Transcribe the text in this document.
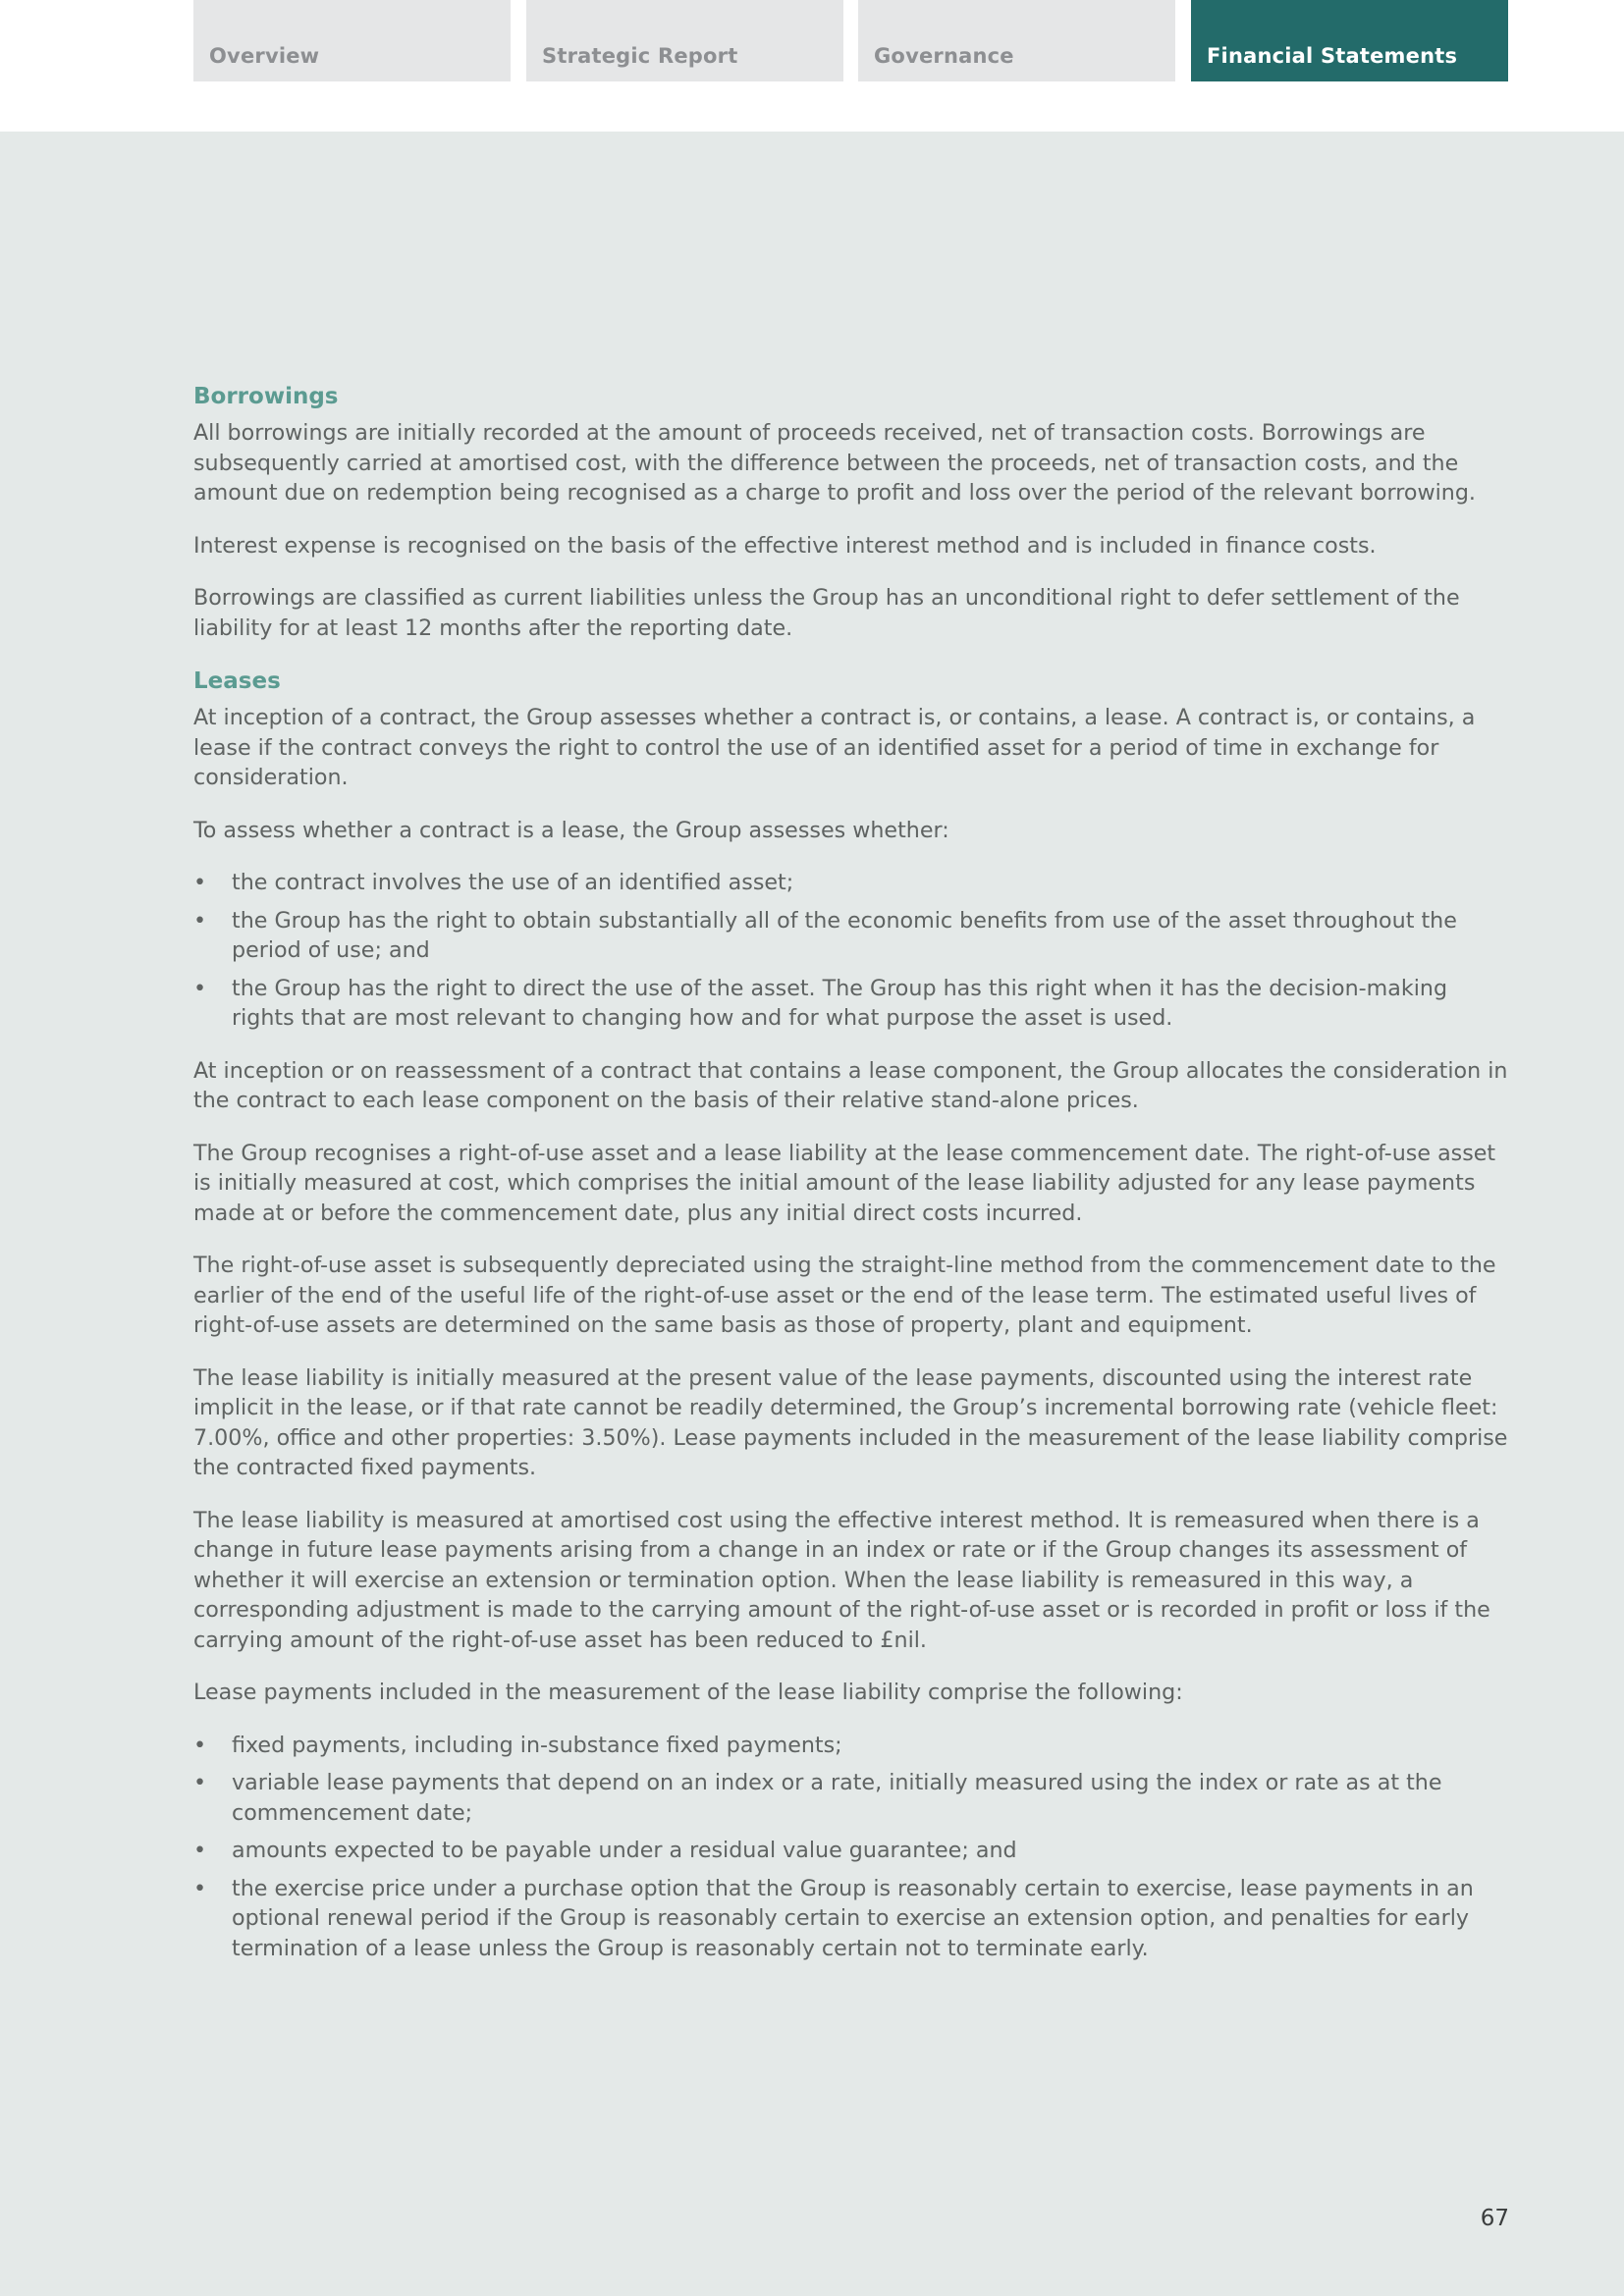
Overview	Strategic Report	Governance	Financial Statements
Borrowings

All borrowings are initially recorded at the amount of proceeds received, net of transaction costs. Borrowings are subsequently carried at amortised cost, with the difference between the proceeds, net of transaction costs, and the amount due on redemption being recognised as a charge to profit and loss over the period of the relevant borrowing.

Interest expense is recognised on the basis of the effective interest method and is included in finance costs.

Borrowings are classified as current liabilities unless the Group has an unconditional right to defer settlement of the liability for at least 12 months after the reporting date.

Leases

At inception of a contract, the Group assesses whether a contract is, or contains, a lease. A contract is, or contains, a lease if the contract conveys the right to control the use of an identified asset for a period of time in exchange for consideration.

To assess whether a contract is a lease, the Group assesses whether:

• the contract involves the use of an identified asset;
• the Group has the right to obtain substantially all of the economic benefits from use of the asset throughout the period of use; and
• the Group has the right to direct the use of the asset. The Group has this right when it has the decision-making rights that are most relevant to changing how and for what purpose the asset is used.

At inception or on reassessment of a contract that contains a lease component, the Group allocates the consideration in the contract to each lease component on the basis of their relative stand-alone prices.

The Group recognises a right-of-use asset and a lease liability at the lease commencement date. The right-of-use asset is initially measured at cost, which comprises the initial amount of the lease liability adjusted for any lease payments made at or before the commencement date, plus any initial direct costs incurred.

The right-of-use asset is subsequently depreciated using the straight-line method from the commencement date to the earlier of the end of the useful life of the right-of-use asset or the end of the lease term. The estimated useful lives of right-of-use assets are determined on the same basis as those of property, plant and equipment.

The lease liability is initially measured at the present value of the lease payments, discounted using the interest rate implicit in the lease, or if that rate cannot be readily determined, the Group’s incremental borrowing rate (vehicle fleet: 7.00%, office and other properties: 3.50%). Lease payments included in the measurement of the lease liability comprise the contracted fixed payments.

The lease liability is measured at amortised cost using the effective interest method. It is remeasured when there is a change in future lease payments arising from a change in an index or rate or if the Group changes its assessment of whether it will exercise an extension or termination option. When the lease liability is remeasured in this way, a corresponding adjustment is made to the carrying amount of the right-of-use asset or is recorded in profit or loss if the carrying amount of the right-of-use asset has been reduced to £nil.

Lease payments included in the measurement of the lease liability comprise the following:

• fixed payments, including in-substance fixed payments;
• variable lease payments that depend on an index or a rate, initially measured using the index or rate as at the commencement date;
• amounts expected to be payable under a residual value guarantee; and
• the exercise price under a purchase option that the Group is reasonably certain to exercise, lease payments in an optional renewal period if the Group is reasonably certain to exercise an extension option, and penalties for early termination of a lease unless the Group is reasonably certain not to terminate early.
67
